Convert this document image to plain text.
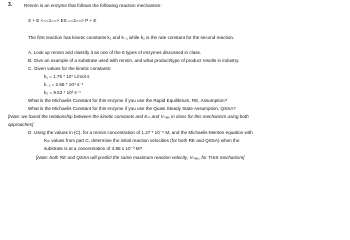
3.	Rennin is an enzyme that follows the following reaction mechanism:
S + E <==1==> ES ==2==> P + E
The first reaction has kinetic constants k₁ and k₋₁ while k₂ is the rate constant for the second reaction.
A. Look up rennin and classify it as one of the 6 types of enzymes discussed in class.
B. Give an example of a substrate used with rennin, and what product/type of product results in industry.
C. Given values for the kinetic constants:
k₁ = 1.75 * 10⁷ L/mol·s
k₋₁ = 2.66 * 10⁴ s⁻¹
k₂ = 9.53 * 10³ s⁻¹
What is the Michaelis Constant for this enzyme if you use the Rapid Equilibrium, RE, Assumption?
What is the Michaelis Constant for this enzyme if you use the Quasi Steady State Assumption, QSSA?
[Note: we found the relationship between the kinetic constants and Kₘ and Vₘₐₓ in class for this mechanism using both
approaches]
D. Using the values in (C), for a rennin concentration of 1.27 * 10⁻⁶ M, and the Michaelis-Menten equation with
Kₘ values from part C, determine the initial reaction velocities (for both RE and QSSA) when the
substrate is at a concentration of 4.88 x 10⁻³ M?
[Note: both RE and QSSA will predict the same maximum reaction velocity, Vₘₐₓ, for THIS mechanism]
